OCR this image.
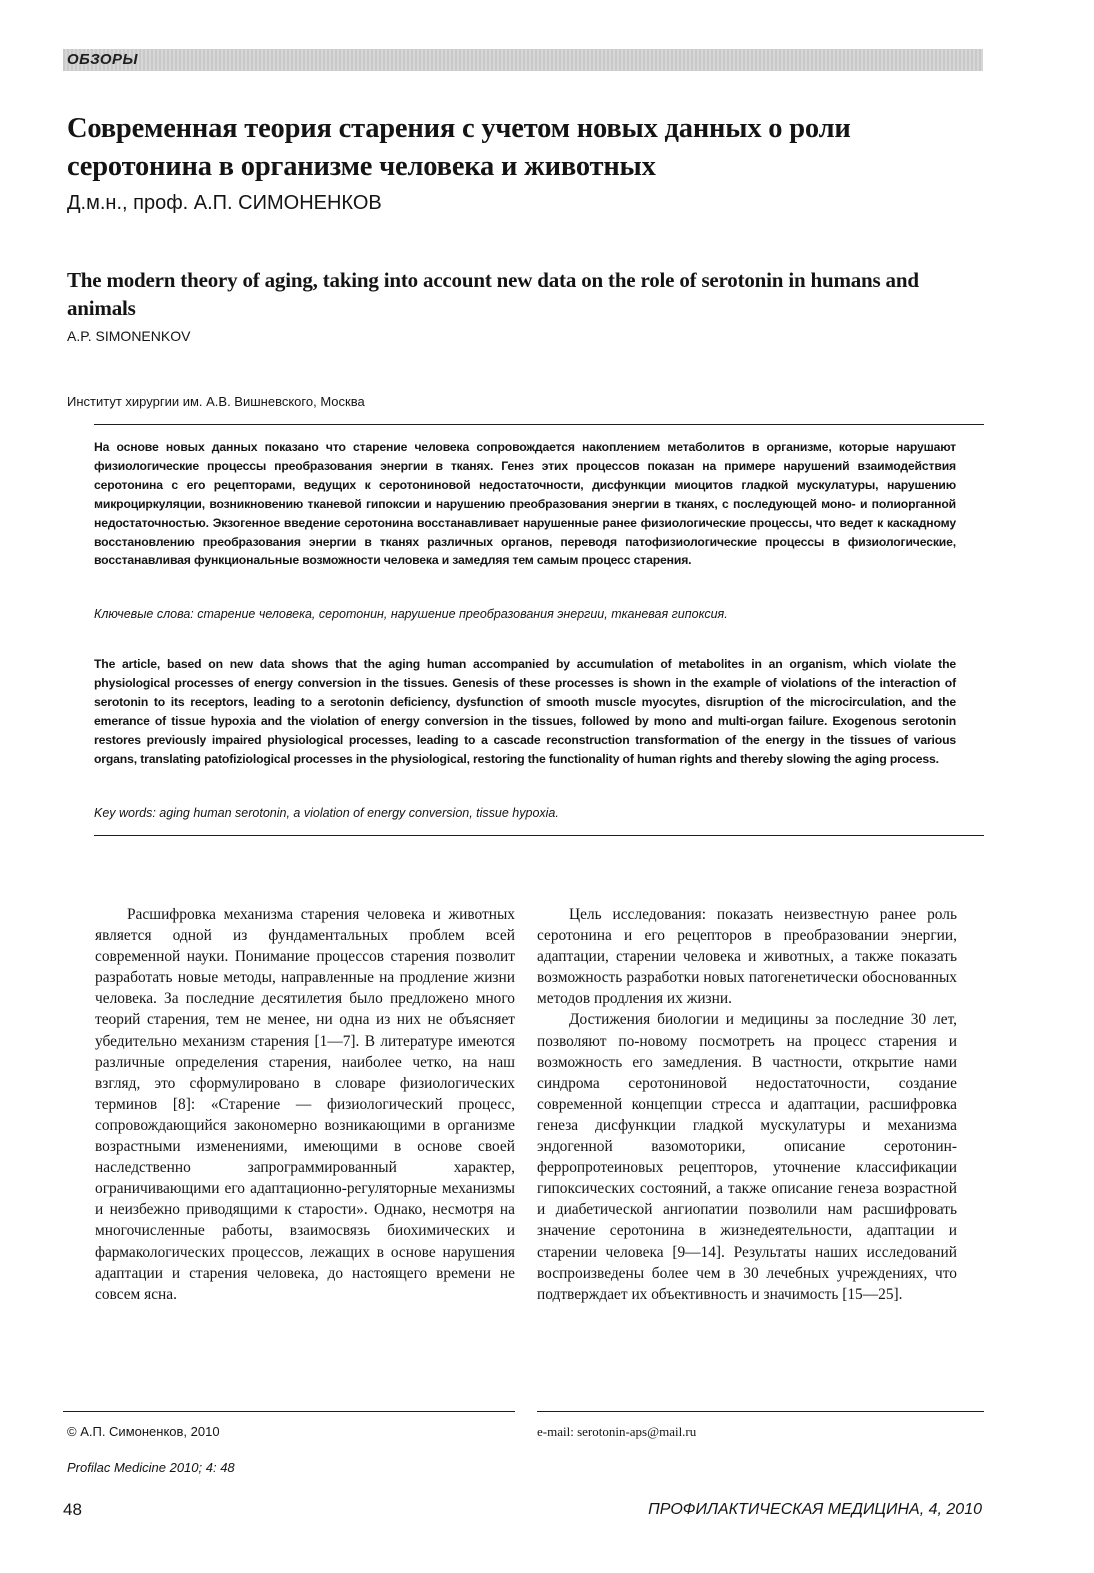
ОБЗОРЫ
Современная теория старения с учетом новых данных о роли серотонина в организме человека и животных
Д.м.н., проф. А.П. СИМОНЕНКОВ
The modern theory of aging, taking into account new data on the role of serotonin in humans and animals
A.P. SIMONENKOV
Институт хирургии им. А.В. Вишневского, Москва

На основе новых данных показано что старение человека сопровождается накоплением метаболитов в организме, которые нарушают физиологические процессы преобразования энергии в тканях. Генез этих процессов показан на примере нарушений взаимодействия серотонина с его рецепторами, ведущих к серотониновой недостаточности, дисфункции миоцитов гладкой мускулатуры, нарушению микроциркуляции, возникновению тканевой гипоксии и нарушению преобразования энергии в тканях, с последующей моно- и полиорганной недостаточностью. Экзогенное введение серотонина восстанавливает нарушенные ранее физиологические процессы, что ведет к каскадному восстановлению преобразования энергии в тканях различных органов, переводя патофизиологические процессы в физиологические, восстанавливая функциональные возможности человека и замедляя тем самым процесс старения.

Ключевые слова: старение человека, серотонин, нарушение преобразования энергии, тканевая гипоксия.

The article, based on new data shows that the aging human accompanied by accumulation of metabolites in an organism, which violate the physiological processes of energy conversion in the tissues. Genesis of these processes is shown in the example of violations of the interaction of serotonin to its receptors, leading to a serotonin deficiency, dysfunction of smooth muscle myocytes, disruption of the microcirculation, and the emerance of tissue hypoxia and the violation of energy conversion in the tissues, followed by mono and multi-organ failure. Exogenous serotonin restores previously impaired physiological processes, leading to a cascade reconstruction transformation of the energy in the tissues of various organs, translating patofiziological processes in the physiological, restoring the functionality of human rights and thereby slowing the aging process.

Key words: aging human serotonin, a violation of energy conversion, tissue hypoxia.

Расшифровка механизма старения человека и животных является одной из фундаментальных проблем всей современной науки. Понимание процессов старения позволит разработать новые методы, направленные на продление жизни человека. За последние десятилетия было предложено много теорий старения, тем не менее, ни одна из них не объясняет убедительно механизм старения [1—7]. В литературе имеются различные определения старения, наиболее четко, на наш взгляд, это сформулировано в словаре физиологических терминов [8]: «Старение — физиологический процесс, сопровождающийся закономерно возникающими в организме возрастными изменениями, имеющими в основе своей наследственно запрограммированный характер, ограничивающими его адаптационно-регуляторные механизмы и неизбежно приводящими к старости». Однако, несмотря на многочисленные работы, взаимосвязь биохимических и фармакологических процессов, лежащих в основе нарушения адаптации и старения человека, до настоящего времени не совсем ясна.

Цель исследования: показать неизвестную ранее роль серотонина и его рецепторов в преобразовании энергии, адаптации, старении человека и животных, а также показать возможность разработки новых патогенетически обоснованных методов продления их жизни.

Достижения биологии и медицины за последние 30 лет, позволяют по-новому посмотреть на процесс старения и возможность его замедления. В частности, открытие нами синдрома серотониновой недостаточности, создание современной концепции стресса и адаптации, расшифровка генеза дисфункции гладкой мускулатуры и механизма эндогенной вазомоторики, описание серотонин-ферропротеиновых рецепторов, уточнение классификации гипоксических состояний, а также описание генеза возрастной и диабетической ангиопатии позволили нам расшифровать значение серотонина в жизнедеятельности, адаптации и старении человека [9—14]. Результаты наших исследований воспроизведены более чем в 30 лечебных учреждениях, что подтверждает их объективность и значимость [15—25].

© А.П. Симоненков, 2010	e-mail: serotonin-aps@mail.ru
Profilac Medicine 2010; 4: 48
48	ПРОФИЛАКТИЧЕСКАЯ МЕДИЦИНА, 4, 2010
